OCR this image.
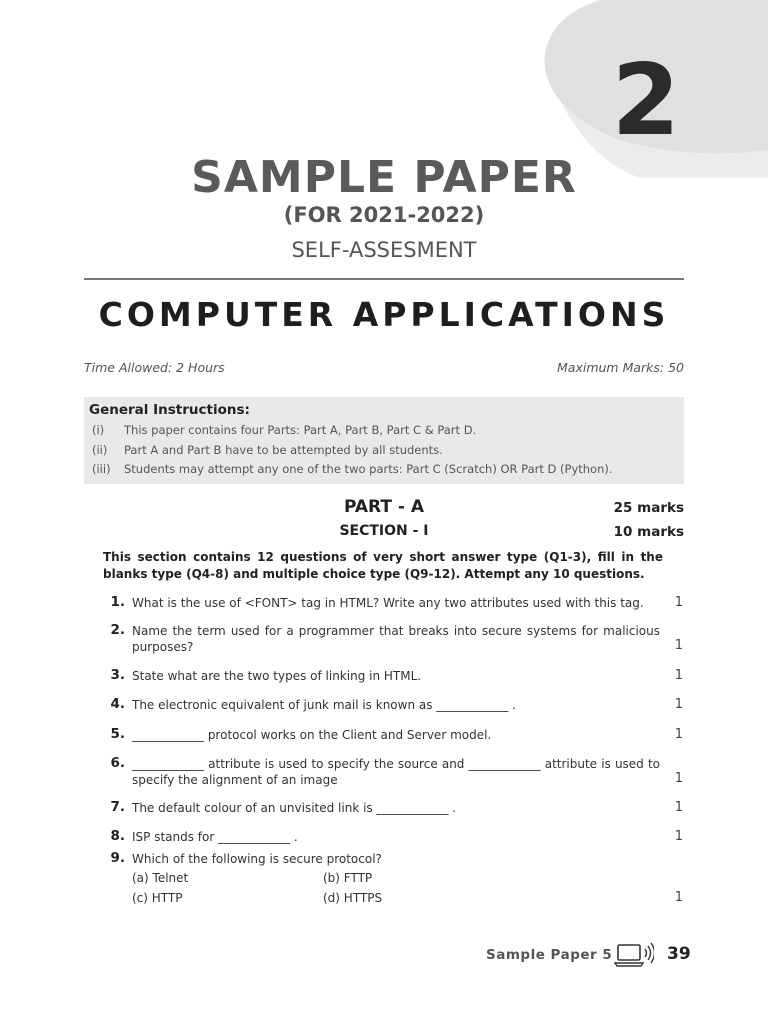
2
SAMPLE PAPER
(FOR 2021-2022)
SELF-ASSESMENT
COMPUTER APPLICATIONS
Time Allowed: 2 Hours	Maximum Marks: 50
General Instructions:
(i)	This paper contains four Parts: Part A, Part B, Part C & Part D.
(ii)	Part A and Part B have to be attempted by all students.
(iii)	Students may attempt any one of the two parts: Part C (Scratch) OR Part D (Python).
PART - A	25 marks
SECTION - I	10 marks
This section contains 12 questions of very short answer type (Q1-3), fill in the blanks type (Q4-8) and multiple choice type (Q9-12). Attempt any 10 questions.
1. What is the use of <FONT> tag in HTML? Write any two attributes used with this tag.	1
2. Name the term used for a programmer that breaks into secure systems for malicious purposes?	1
3. State what are the two types of linking in HTML.	1
4. The electronic equivalent of junk mail is known as ____________ .	1
5. ____________ protocol works on the Client and Server model.	1
6. ____________ attribute is used to specify the source and ____________ attribute is used to specify the alignment of an image	1
7. The default colour of an unvisited link is ____________ .	1
8. ISP stands for ____________ .	1
9. Which of the following is secure protocol?
1
(a) Telnet	(b) FTTP
(c) HTTP	(d) HTTPS
Sample Paper 5	39
